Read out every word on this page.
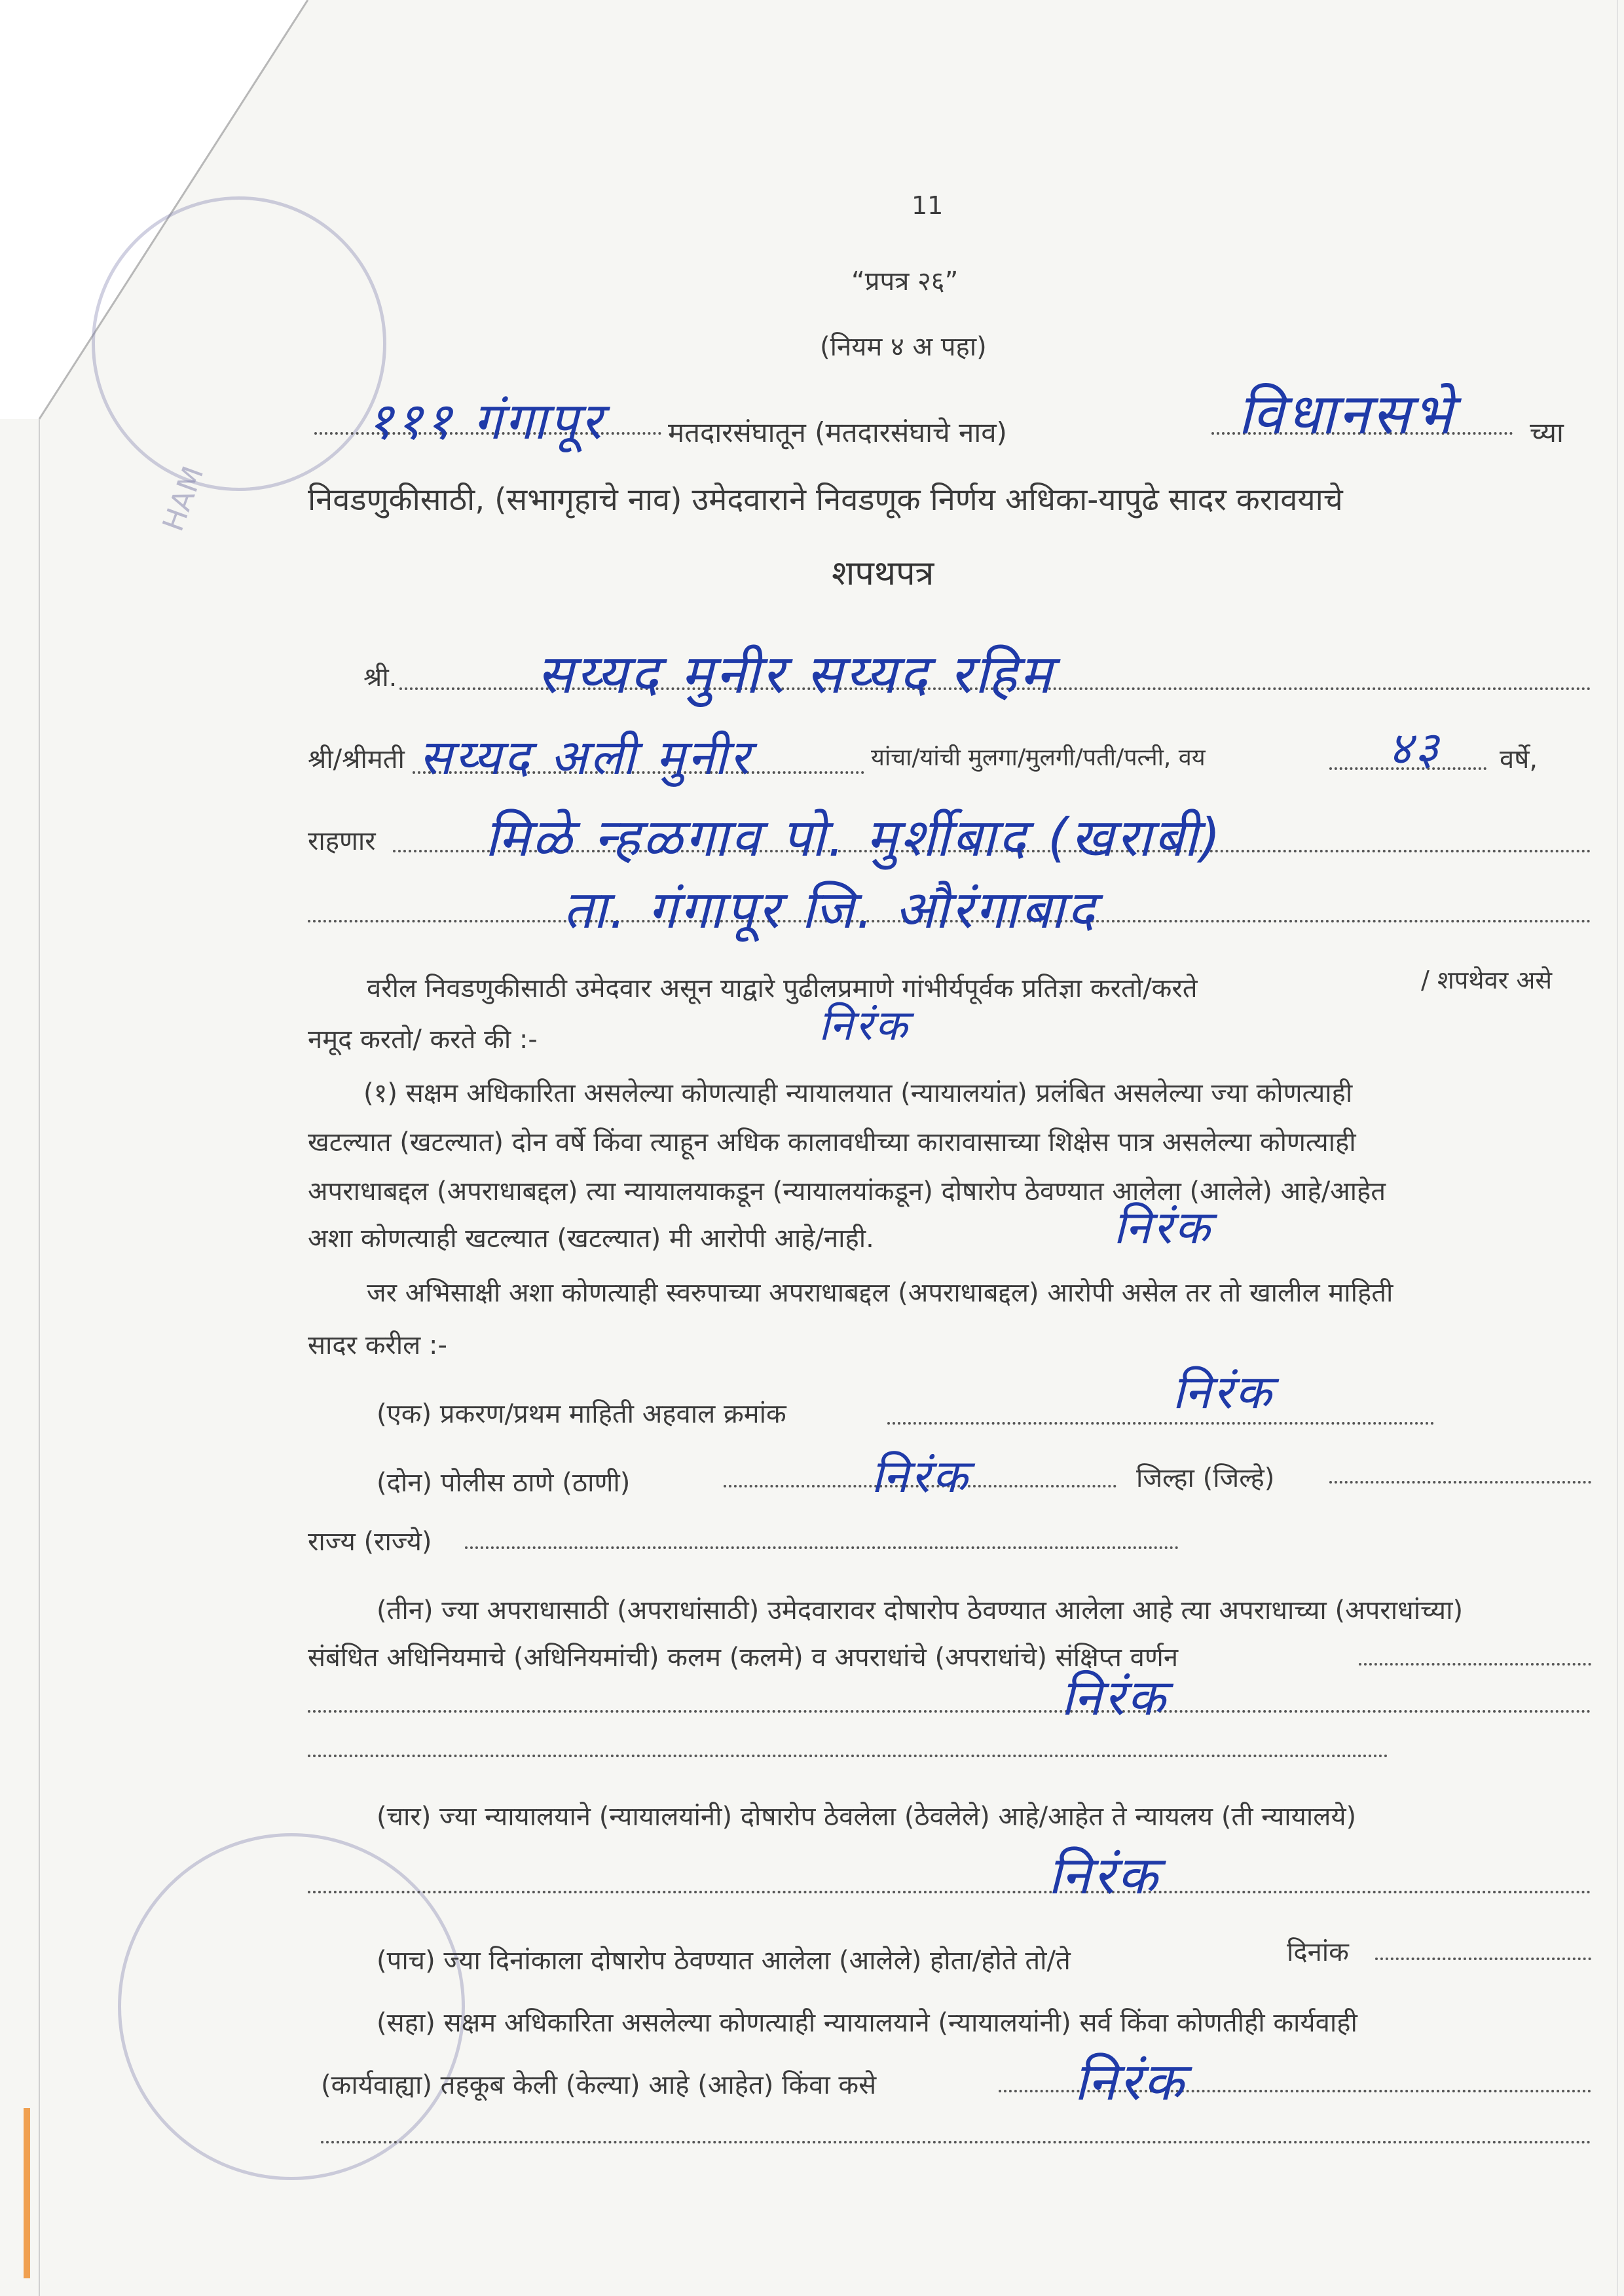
HAM
11
“प्रपत्र २६”
(नियम ४ अ पहा)
१११ गंगापूर मतदारसंघातून (मतदारसंघाचे नाव)	विधानसभे	च्या
निवडणुकीसाठी, (सभागृहाचे नाव) उमेदवाराने निवडणूक निर्णय अधिका-यापुढे सादर करावयाचे
शपथपत्र
श्री.	सय्यद मुनीर सय्यद रहिम
श्री/श्रीमती सय्यद अली मुनीर	यांचा/यांची मुलगा/मुलगी/पती/पत्नी, वय	४३ वर्षे,
राहणार मिळे न्हळगाव पो. मुर्शीबाद (खराबी)
ता. गंगापूर जि. औरंगाबाद
वरील निवडणुकीसाठी उमेदवार असून याद्वारे पुढीलप्रमाणे गांभीर्यपूर्वक प्रतिज्ञा करतो/करते	/ शपथेवर असे
नमूद करतो/ करते की :-	निरंक
(१) सक्षम अधिकारिता असलेल्या कोणत्याही न्यायालयात (न्यायालयांत) प्रलंबित असलेल्या ज्या कोणत्याही
खटल्यात (खटल्यात) दोन वर्षे किंवा त्याहून अधिक कालावधीच्या कारावासाच्या शिक्षेस पात्र असलेल्या कोणत्याही
अपराधाबद्दल (अपराधाबद्दल) त्या न्यायालयाकडून (न्यायालयांकडून) दोषारोप ठेवण्यात आलेला (आलेले) आहे/आहेत
अशा कोणत्याही खटल्यात (खटल्यात) मी आरोपी आहे/नाही.	निरंक
जर अभिसाक्षी अशा कोणत्याही स्वरुपाच्या अपराधाबद्दल (अपराधाबद्दल) आरोपी असेल तर तो खालील माहिती
सादर करील :-
(एक) प्रकरण/प्रथम माहिती अहवाल क्रमांक	निरंक
(दोन) पोलीस ठाणे (ठाणी)	निरंक	जिल्हा (जिल्हे)
राज्य (राज्ये)
(तीन) ज्या अपराधासाठी (अपराधांसाठी) उमेदवारावर दोषारोप ठेवण्यात आलेला आहे त्या अपराधाच्या (अपराधांच्या)
संबंधित अधिनियमाचे (अधिनियमांची) कलम (कलमे) व अपराधांचे (अपराधांचे) संक्षिप्त वर्णन
निरंक
(चार) ज्या न्यायालयाने (न्यायालयांनी) दोषारोप ठेवलेला (ठेवलेले) आहे/आहेत ते न्यायलय (ती न्यायालये)
निरंक
(पाच) ज्या दिनांकाला दोषारोप ठेवण्यात आलेला (आलेले) होता/होते तो/ते	दिनांक
(सहा) सक्षम अधिकारिता असलेल्या कोणत्याही न्यायालयाने (न्यायालयांनी) सर्व किंवा कोणतीही कार्यवाही
(कार्यवाह्या) तहकूब केली (केल्या) आहे (आहेत) किंवा कसे	निरंक
